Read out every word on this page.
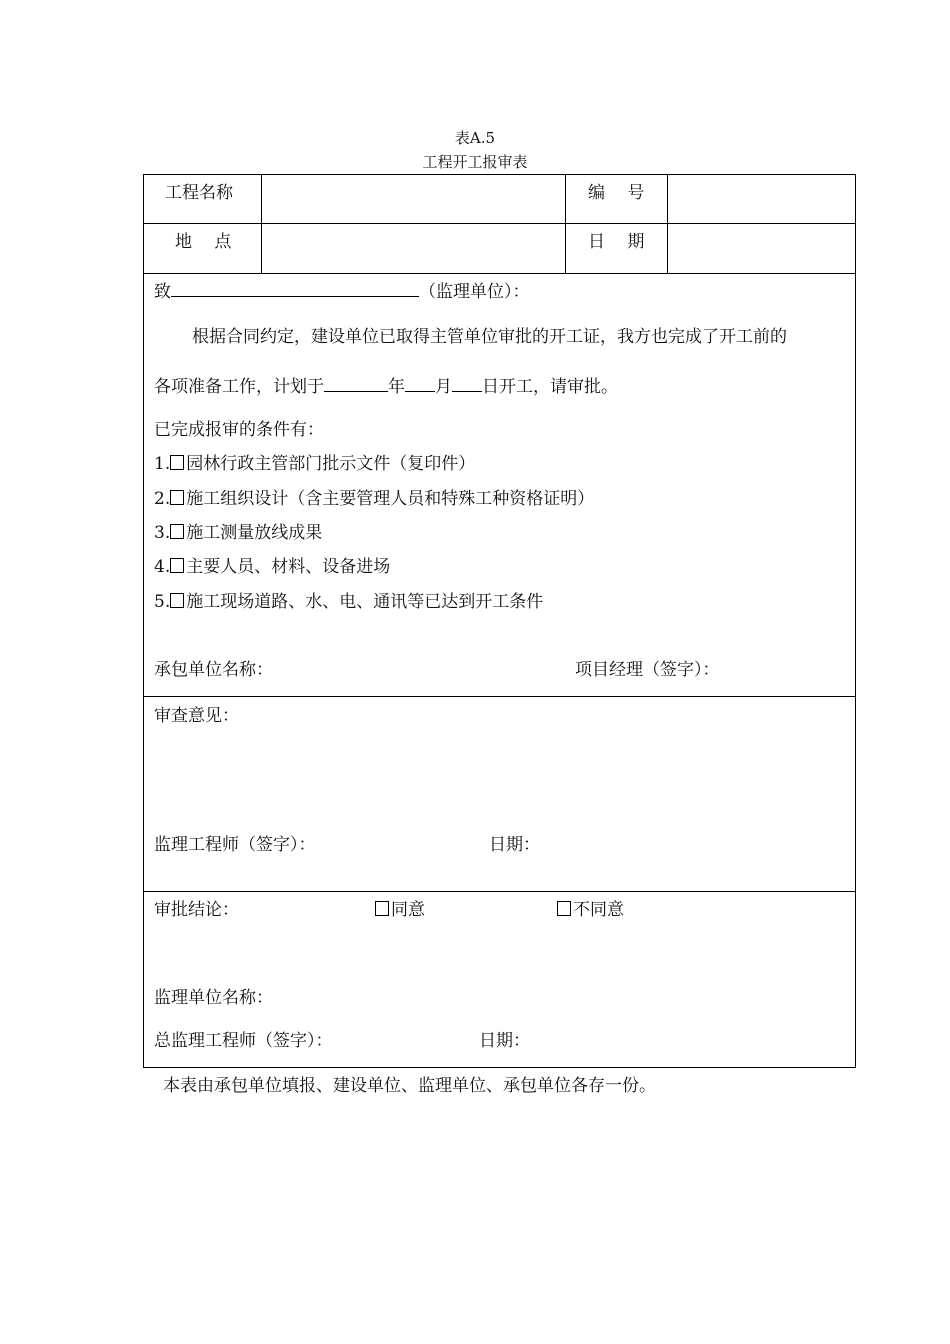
表A.5
工程开工报审表
工程名称	编　 号
地　 点	日　 期
致	（监理单位）：
根据合同约定，建设单位已取得主管单位审批的开工证，我方也完成了开工前的
各项准备工作，计划于	年 月 日开工，请审批。
已完成报审的条件有：
1. 园林行政主管部门批示文件（复印件）
2. 施工组织设计（含主要管理人员和特殊工种资格证明）
3. 施工测量放线成果
4. 主要人员、材料、设备进场
5. 施工现场道路、水、电、通讯等已达到开工条件
承包单位名称：	项目经理（签字）：
审查意见：
监理工程师（签字）：	日期：
审批结论：	同意	不同意
监理单位名称：
总监理工程师（签字）：	日期：
本表由承包单位填报、建设单位、监理单位、承包单位各存一份。
